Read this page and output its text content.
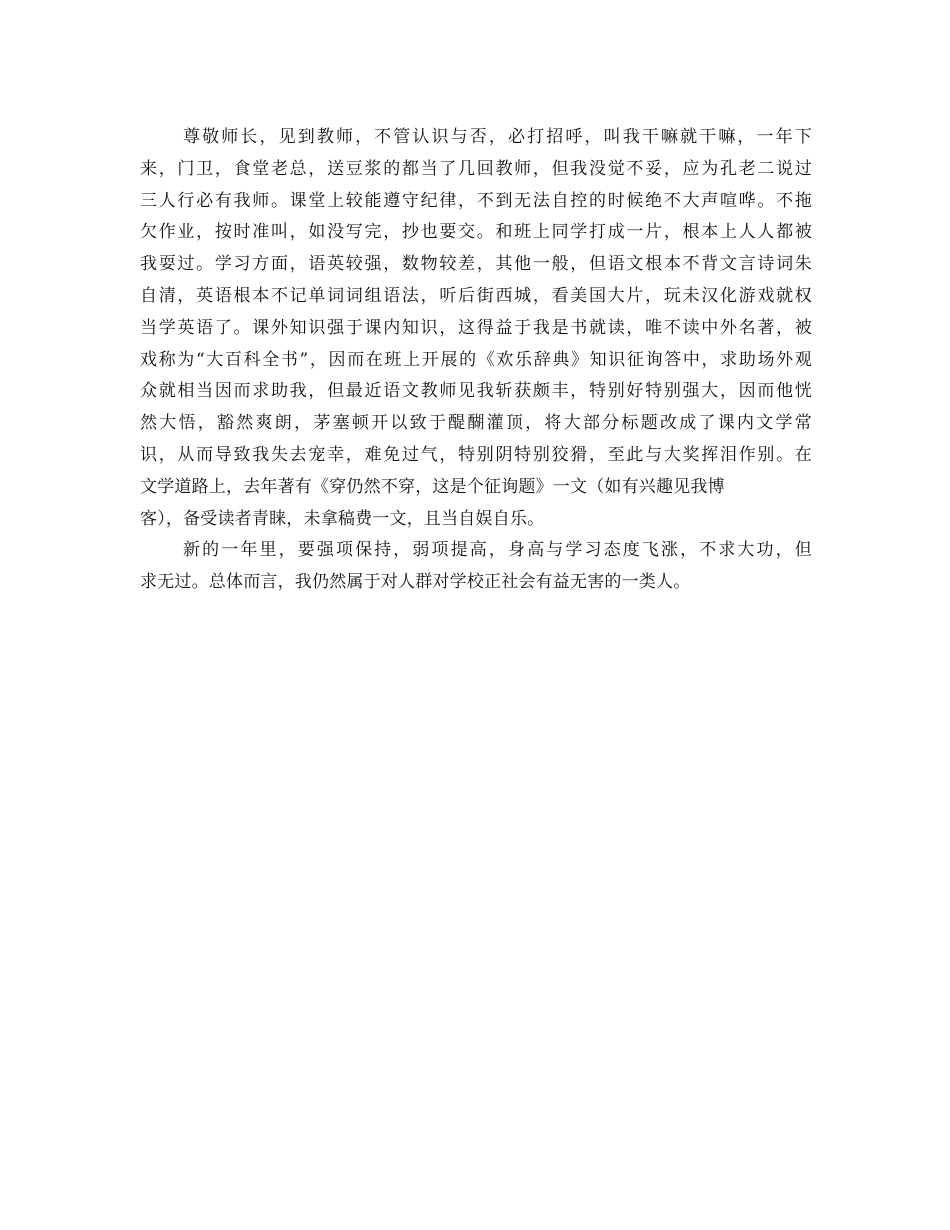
尊敬师长，见到教师，不管认识与否，必打招呼，叫我干嘛就干嘛，一年下
来，门卫，食堂老总，送豆浆的都当了几回教师，但我没觉不妥，应为孔老二说过
三人行必有我师。课堂上较能遵守纪律，不到无法自控的时候绝不大声喧哗。不拖
欠作业，按时准叫，如没写完，抄也要交。和班上同学打成一片，根本上人人都被
我耍过。学习方面，语英较强，数物较差，其他一般，但语文根本不背文言诗词朱
自清，英语根本不记单词词组语法，听后街西城，看美国大片，玩未汉化游戏就权
当学英语了。课外知识强于课内知识，这得益于我是书就读，唯不读中外名著，被
戏称为“大百科全书”，因而在班上开展的《欢乐辞典》知识征询答中，求助场外观
众就相当因而求助我，但最近语文教师见我斩获颇丰，特别好特别强大，因而他恍
然大悟，豁然爽朗，茅塞顿开以致于醍醐灌顶，将大部分标题改成了课内文学常
识，从而导致我失去宠幸，难免过气，特别阴特别狡猾，至此与大奖挥泪作别。在
文学道路上，去年著有《穿仍然不穿，这是个征询题》一文（如有兴趣见我博
客），备受读者青睐，未拿稿费一文，且当自娱自乐。

新的一年里，要强项保持，弱项提高，身高与学习态度飞涨，不求大功，但
求无过。总体而言，我仍然属于对人群对学校正社会有益无害的一类人。
